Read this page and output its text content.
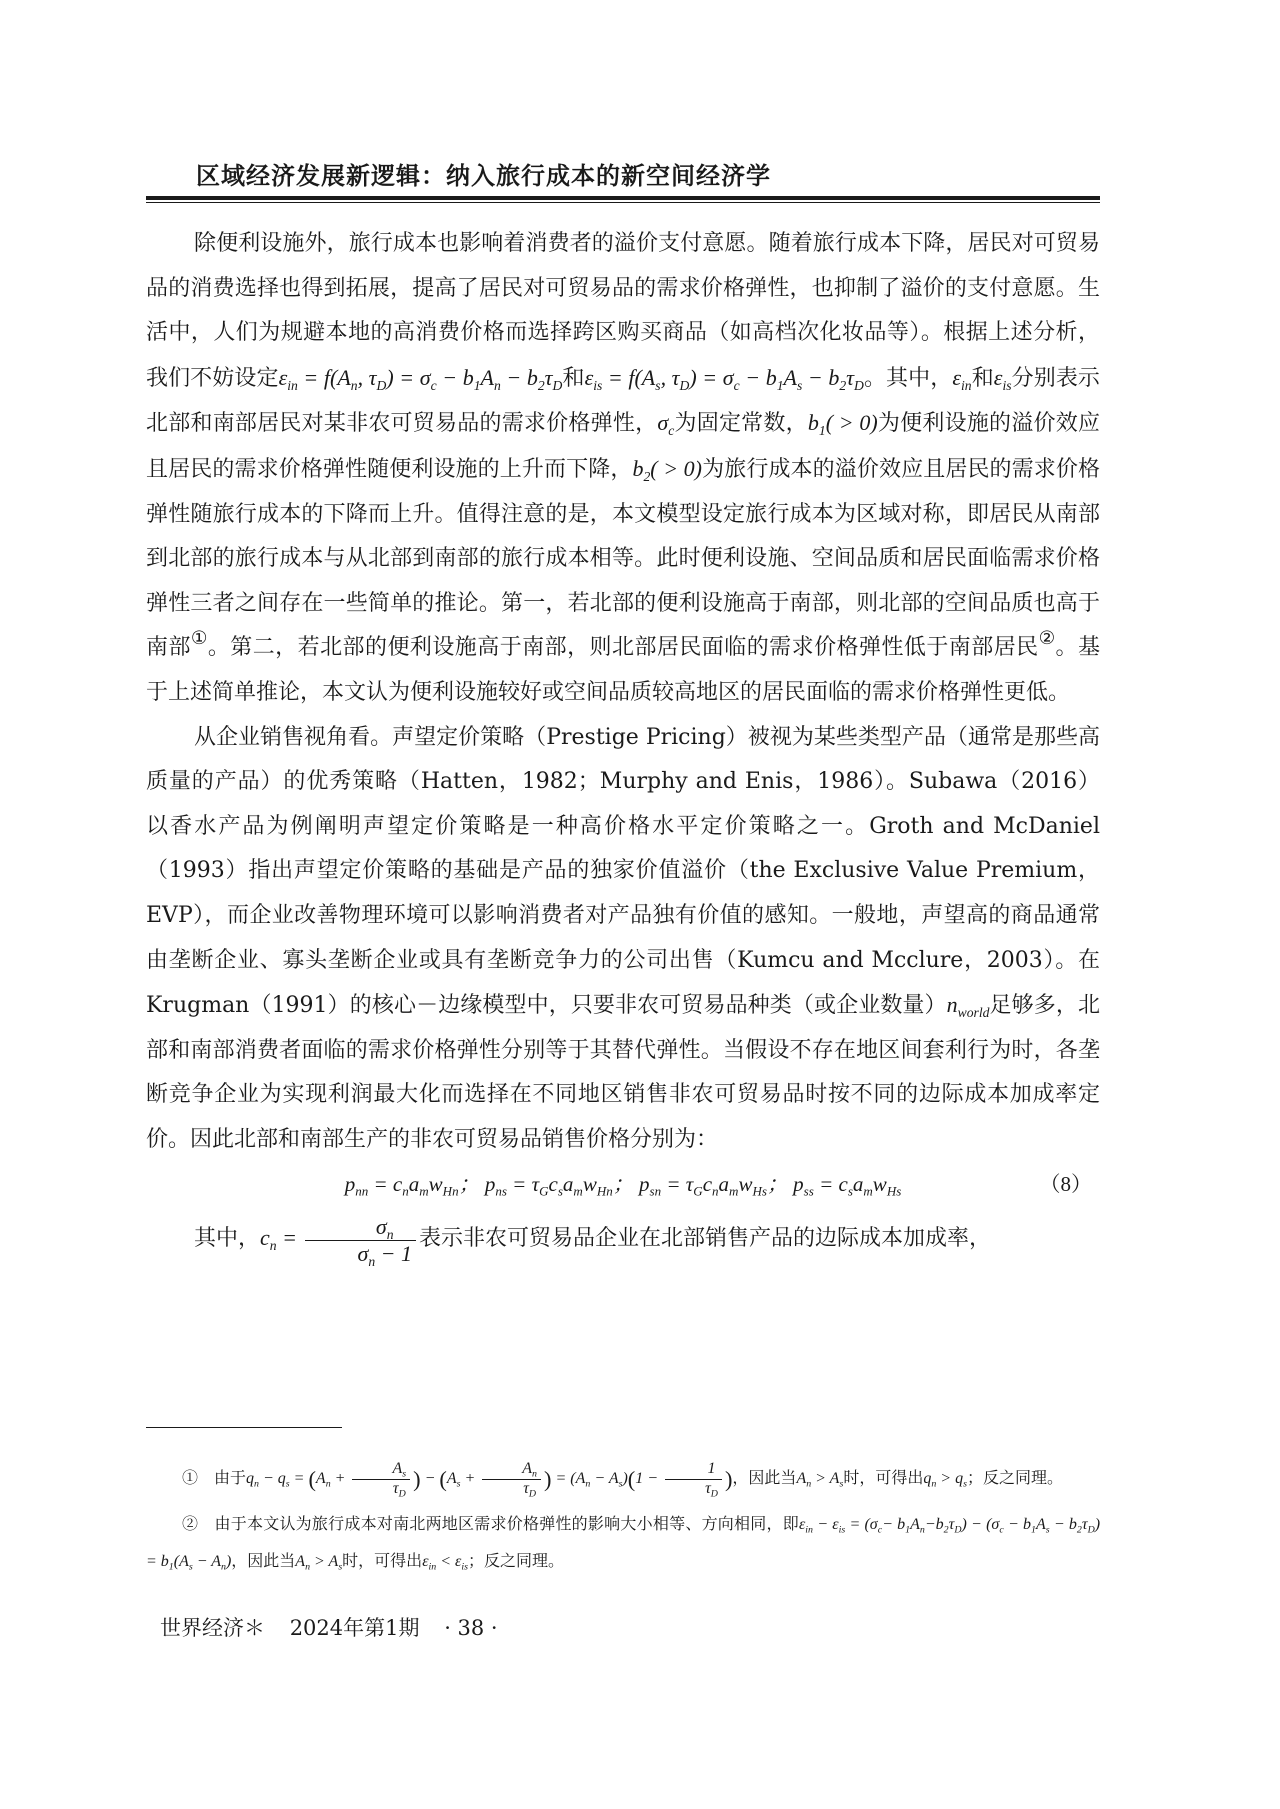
区域经济发展新逻辑：纳入旅行成本的新空间经济学

除便利设施外，旅行成本也影响着消费者的溢价支付意愿。随着旅行成本下降，居民对可贸易品的消费选择也得到拓展，提高了居民对可贸易品的需求价格弹性，也抑制了溢价的支付意愿。生活中，人们为规避本地的高消费价格而选择跨区购买商品（如高档次化妆品等）。根据上述分析，我们不妨设定$\varepsilon_{in} = f(A_n$, $\tau_D) = \sigma_c - b_1A_n - b_2\tau_D$和$\varepsilon_{is} = f(A_s$, $\tau_D) = \sigma_c - b_1A_s - b_2\tau_D$。其中，$\varepsilon_{in}$和$\varepsilon_{is}$分别表示北部和南部居民对某非农可贸易品的需求价格弹性，$\sigma_c$为固定常数，$b_1( > 0)$为便利设施的溢价效应且居民的需求价格弹性随便利设施的上升而下降，$b_2( > 0)$为旅行成本的溢价效应且居民的需求价格弹性随旅行成本的下降而上升。值得注意的是，本文模型设定旅行成本为区域对称，即居民从南部到北部的旅行成本与从北部到南部的旅行成本相等。此时便利设施、空间品质和居民面临需求价格弹性三者之间存在一些简单的推论。第一，若北部的便利设施高于南部，则北部的空间品质也高于南部①。第二，若北部的便利设施高于南部，则北部居民面临的需求价格弹性低于南部居民②。基于上述简单推论，本文认为便利设施较好或空间品质较高地区的居民面临的需求价格弹性更低。

从企业销售视角看。声望定价策略（Prestige Pricing）被视为某些类型产品（通常是那些高质量的产品）的优秀策略（Hatten，1982；Murphy and Enis，1986）。Subawa（2016）以香水产品为例阐明声望定价策略是一种高价格水平定价策略之一。Groth and McDaniel（1993）指出声望定价策略的基础是产品的独家价值溢价（the Exclusive Value Premium，EVP），而企业改善物理环境可以影响消费者对产品独有价值的感知。一般地，声望高的商品通常由垄断企业、寡头垄断企业或具有垄断竞争力的公司出售（Kumcu and Mcclure，2003）。在 Krugman（1991）的核心－边缘模型中，只要非农可贸易品种类（或企业数量）$n_{world}$足够多，北部和南部消费者面临的需求价格弹性分别等于其替代弹性。当假设不存在地区间套利行为时，各垄断竞争企业为实现利润最大化而选择在不同地区销售非农可贸易品时按不同的边际成本加成率定价。因此北部和南部生产的非农可贸易品销售价格分别为：

$p_{nn} = c_na_mw_{Hn}$； $p_{ns} = \tau_Gc_sa_mw_{Hn}$； $p_{sn} = \tau_Gc_na_mw_{Hs}$； $p_{ss} = c_sa_mw_{Hs}$	（8）

其中，$c_n = \frac{\sigma_n}{\sigma_n - 1}$ 表示非农可贸易品企业在北部销售产品的边际成本加成率，

①　 由于$q_n - q_s = (A_n + \frac{A_s}{\tau_D}$ ) − ($A_s + \frac{A_n}{\tau_D}$ ) = $(A_n - A_s)(1 - \frac{1}{\tau_D}$ )，因此当$A_n > A_s$时，可得出$q_n > q_s$；反之同理。

②　 由于本文认为旅行成本对南北两地区需求价格弹性的影响大小相等、方向相同，即$\varepsilon_{in} - \varepsilon_{is} = (\sigma_c- b_1A_n-b_2\tau_D) - (\sigma_c - b_1A_s - b_2\tau_D) = b_1(A_s - A_n)$，因此当$A_n > A_s$时，可得出$\varepsilon_{in} < \varepsilon_{is}$；反之同理。

世界经济＊ 2024年第1期 · 38 ·
